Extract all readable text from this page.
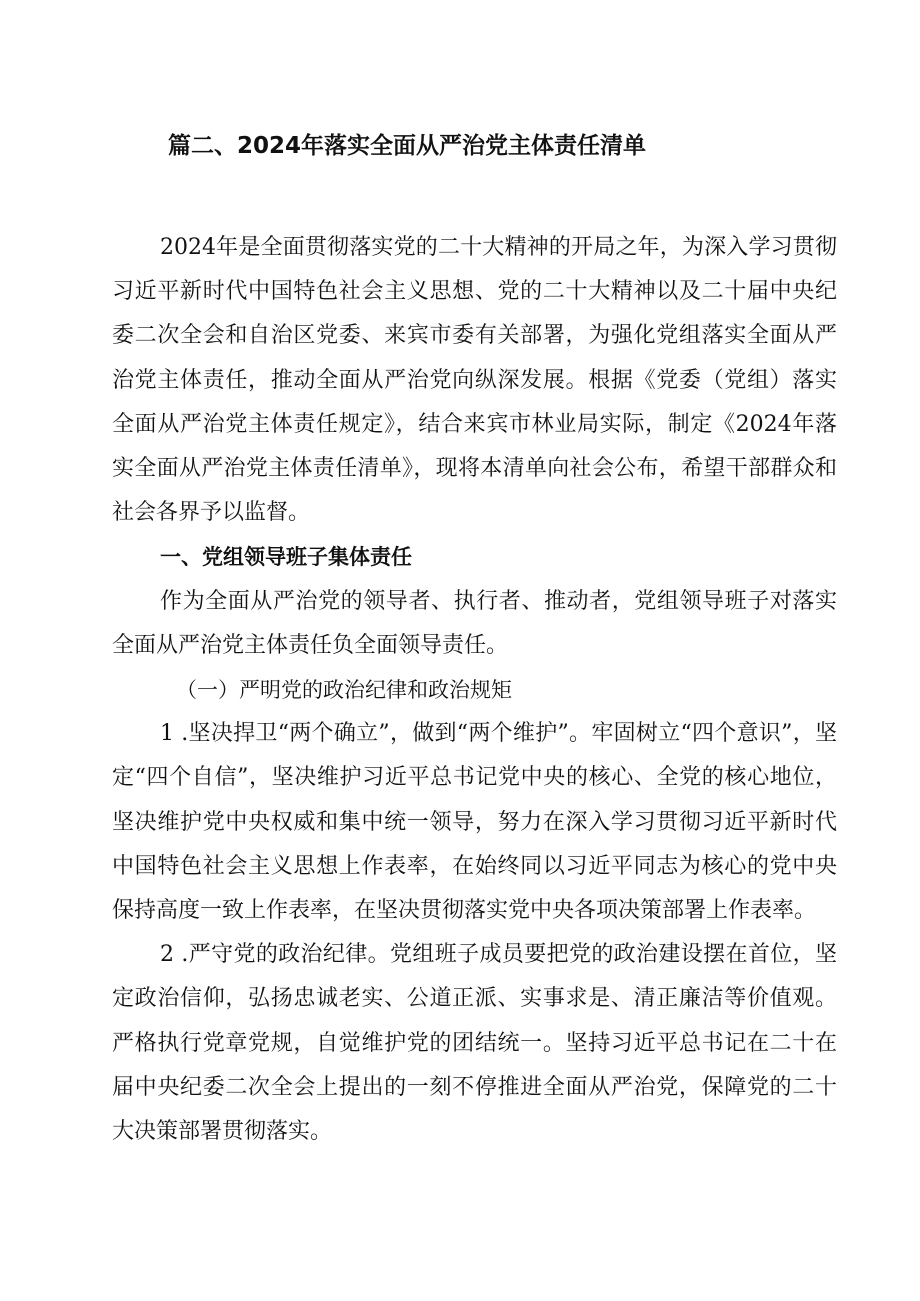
篇二、2024年落实全面从严治党主体责任清单

2024年是全面贯彻落实党的二十大精神的开局之年，为深入学习贯彻习近平新时代中国特色社会主义思想、党的二十大精神以及二十届中央纪委二次全会和自治区党委、来宾市委有关部署，为强化党组落实全面从严治党主体责任，推动全面从严治党向纵深发展。根据《党委（党组）落实全面从严治党主体责任规定》，结合来宾市林业局实际，制定《2024年落实全面从严治党主体责任清单》，现将本清单向社会公布，希望干部群众和社会各界予以监督。

一、党组领导班子集体责任

作为全面从严治党的领导者、执行者、推动者，党组领导班子对落实全面从严治党主体责任负全面领导责任。

（一）严明党的政治纪律和政治规矩

1 .坚决捍卫“两个确立”，做到“两个维护”。牢固树立“四个意识”，坚定“四个自信”，坚决维护习近平总书记党中央的核心、全党的核心地位，坚决维护党中央权威和集中统一领导，努力在深入学习贯彻习近平新时代中国特色社会主义思想上作表率，在始终同以习近平同志为核心的党中央保持高度一致上作表率，在坚决贯彻落实党中央各项决策部署上作表率。

2 .严守党的政治纪律。党组班子成员要把党的政治建设摆在首位，坚定政治信仰，弘扬忠诚老实、公道正派、实事求是、清正廉洁等价值观。严格执行党章党规，自觉维护党的团结统一。坚持习近平总书记在二十在届中央纪委二次全会上提出的一刻不停推进全面从严治党，保障党的二十大决策部署贯彻落实。
